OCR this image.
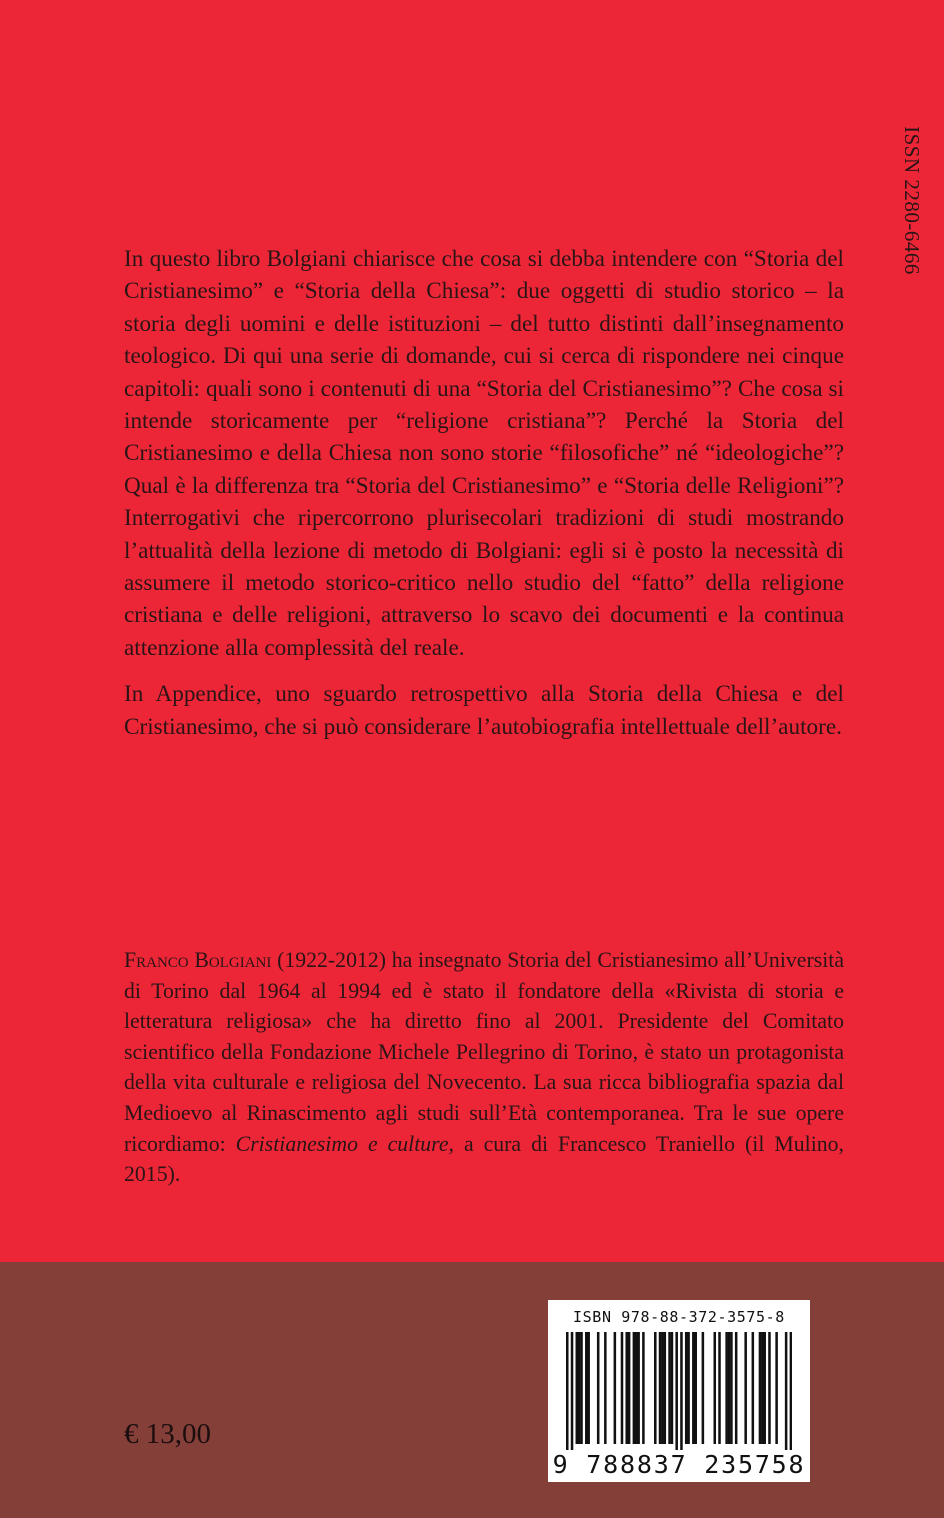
ISSN 2280-6466

In questo libro Bolgiani chiarisce che cosa si debba intendere con “Storia del Cristianesimo” e “Storia della Chiesa”: due oggetti di studio storico – la storia degli uomini e delle istituzioni – del tutto distinti dall’insegnamento teologico. Di qui una serie di domande, cui si cerca di rispondere nei cinque capitoli: quali sono i contenuti di una “Storia del Cristianesimo”? Che cosa si intende storicamente per “religione cristiana”? Perché la Storia del Cristianesimo e della Chiesa non sono storie “filosofiche” né “ideologiche”? Qual è la differenza tra “Storia del Cristianesimo” e “Storia delle Religioni”? Interrogativi che ripercorrono plurisecolari tradizioni di studi mostrando l’attualità della lezione di metodo di Bolgiani: egli si è posto la necessità di assumere il metodo storico-critico nello studio del “fatto” della religione cristiana e delle religioni, attraverso lo scavo dei documenti e la continua attenzione alla complessità del reale.

In Appendice, uno sguardo retrospettivo alla Storia della Chiesa e del Cristianesimo, che si può considerare l’autobiografia intellettuale dell’autore.

Franco Bolgiani (1922-2012) ha insegnato Storia del Cristianesimo all’Università di Torino dal 1964 al 1994 ed è stato il fondatore della «Rivista di storia e letteratura religiosa» che ha diretto fino al 2001. Presidente del Comitato scientifico della Fondazione Michele Pellegrino di Torino, è stato un protagonista della vita culturale e religiosa del Novecento. La sua ricca bibliografia spazia dal Medioevo al Rinascimento agli studi sull’Età contemporanea. Tra le sue opere ricordiamo: Cristianesimo e culture, a cura di Francesco Traniello (il Mulino, 2015).

€ 13,00
ISBN 978-88-372-3575-8
9 788837 235758
